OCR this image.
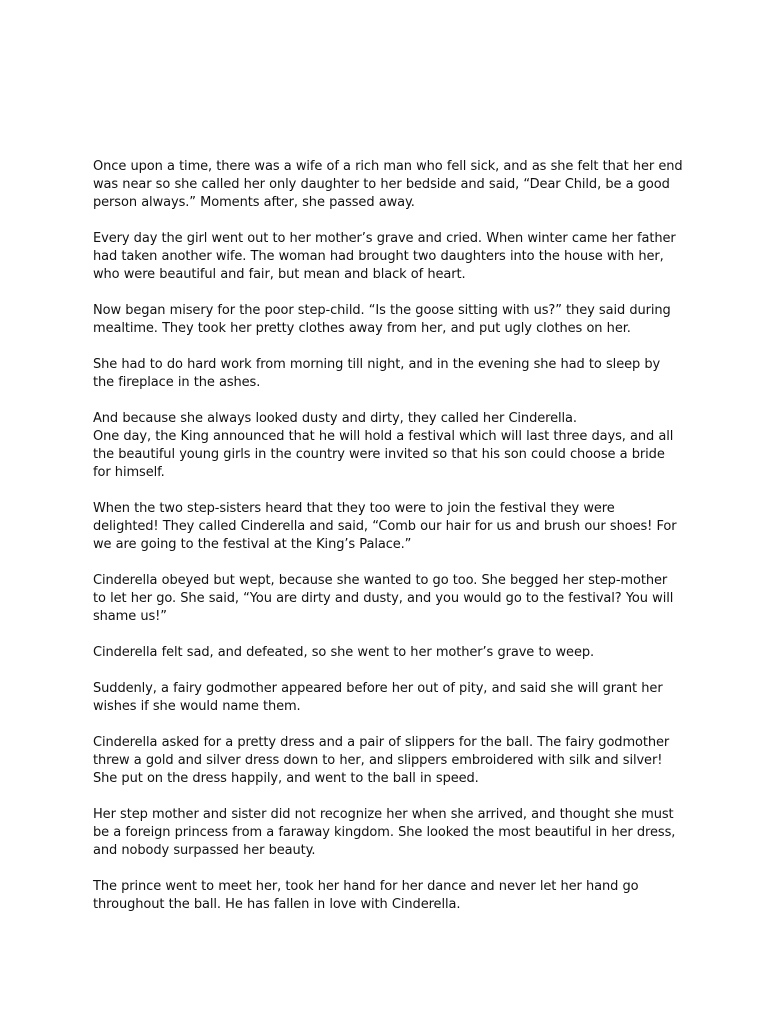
Once upon a time, there was a wife of a rich man who fell sick, and as she felt that her end was near so she called her only daughter to her bedside and said, “Dear Child, be a good person always.” Moments after, she passed away.

Every day the girl went out to her mother’s grave and cried. When winter came her father had taken another wife. The woman had brought two daughters into the house with her, who were beautiful and fair, but mean and black of heart.

Now began misery for the poor step-child. “Is the goose sitting with us?” they said during mealtime. They took her pretty clothes away from her, and put ugly clothes on her.

She had to do hard work from morning till night, and in the evening she had to sleep by the fireplace in the ashes.

And because she always looked dusty and dirty, they called her Cinderella.

One day, the King announced that he will hold a festival which will last three days, and all the beautiful young girls in the country were invited so that his son could choose a bride for himself.

When the two step-sisters heard that they too were to join the festival they were delighted! They called Cinderella and said, “Comb our hair for us and brush our shoes! For we are going to the festival at the King’s Palace.”

Cinderella obeyed but wept, because she wanted to go too. She begged her step-mother to let her go. She said, “You are dirty and dusty, and you would go to the festival? You will shame us!”

Cinderella felt sad, and defeated, so she went to her mother’s grave to weep.

Suddenly, a fairy godmother appeared before her out of pity, and said she will grant her wishes if she would name them.

Cinderella asked for a pretty dress and a pair of slippers for the ball. The fairy godmother threw a gold and silver dress down to her, and slippers embroidered with silk and silver! She put on the dress happily, and went to the ball in speed.

Her step mother and sister did not recognize her when she arrived, and thought she must be a foreign princess from a faraway kingdom. She looked the most beautiful in her dress, and nobody surpassed her beauty.

The prince went to meet her, took her hand for her dance and never let her hand go throughout the ball. He has fallen in love with Cinderella.
